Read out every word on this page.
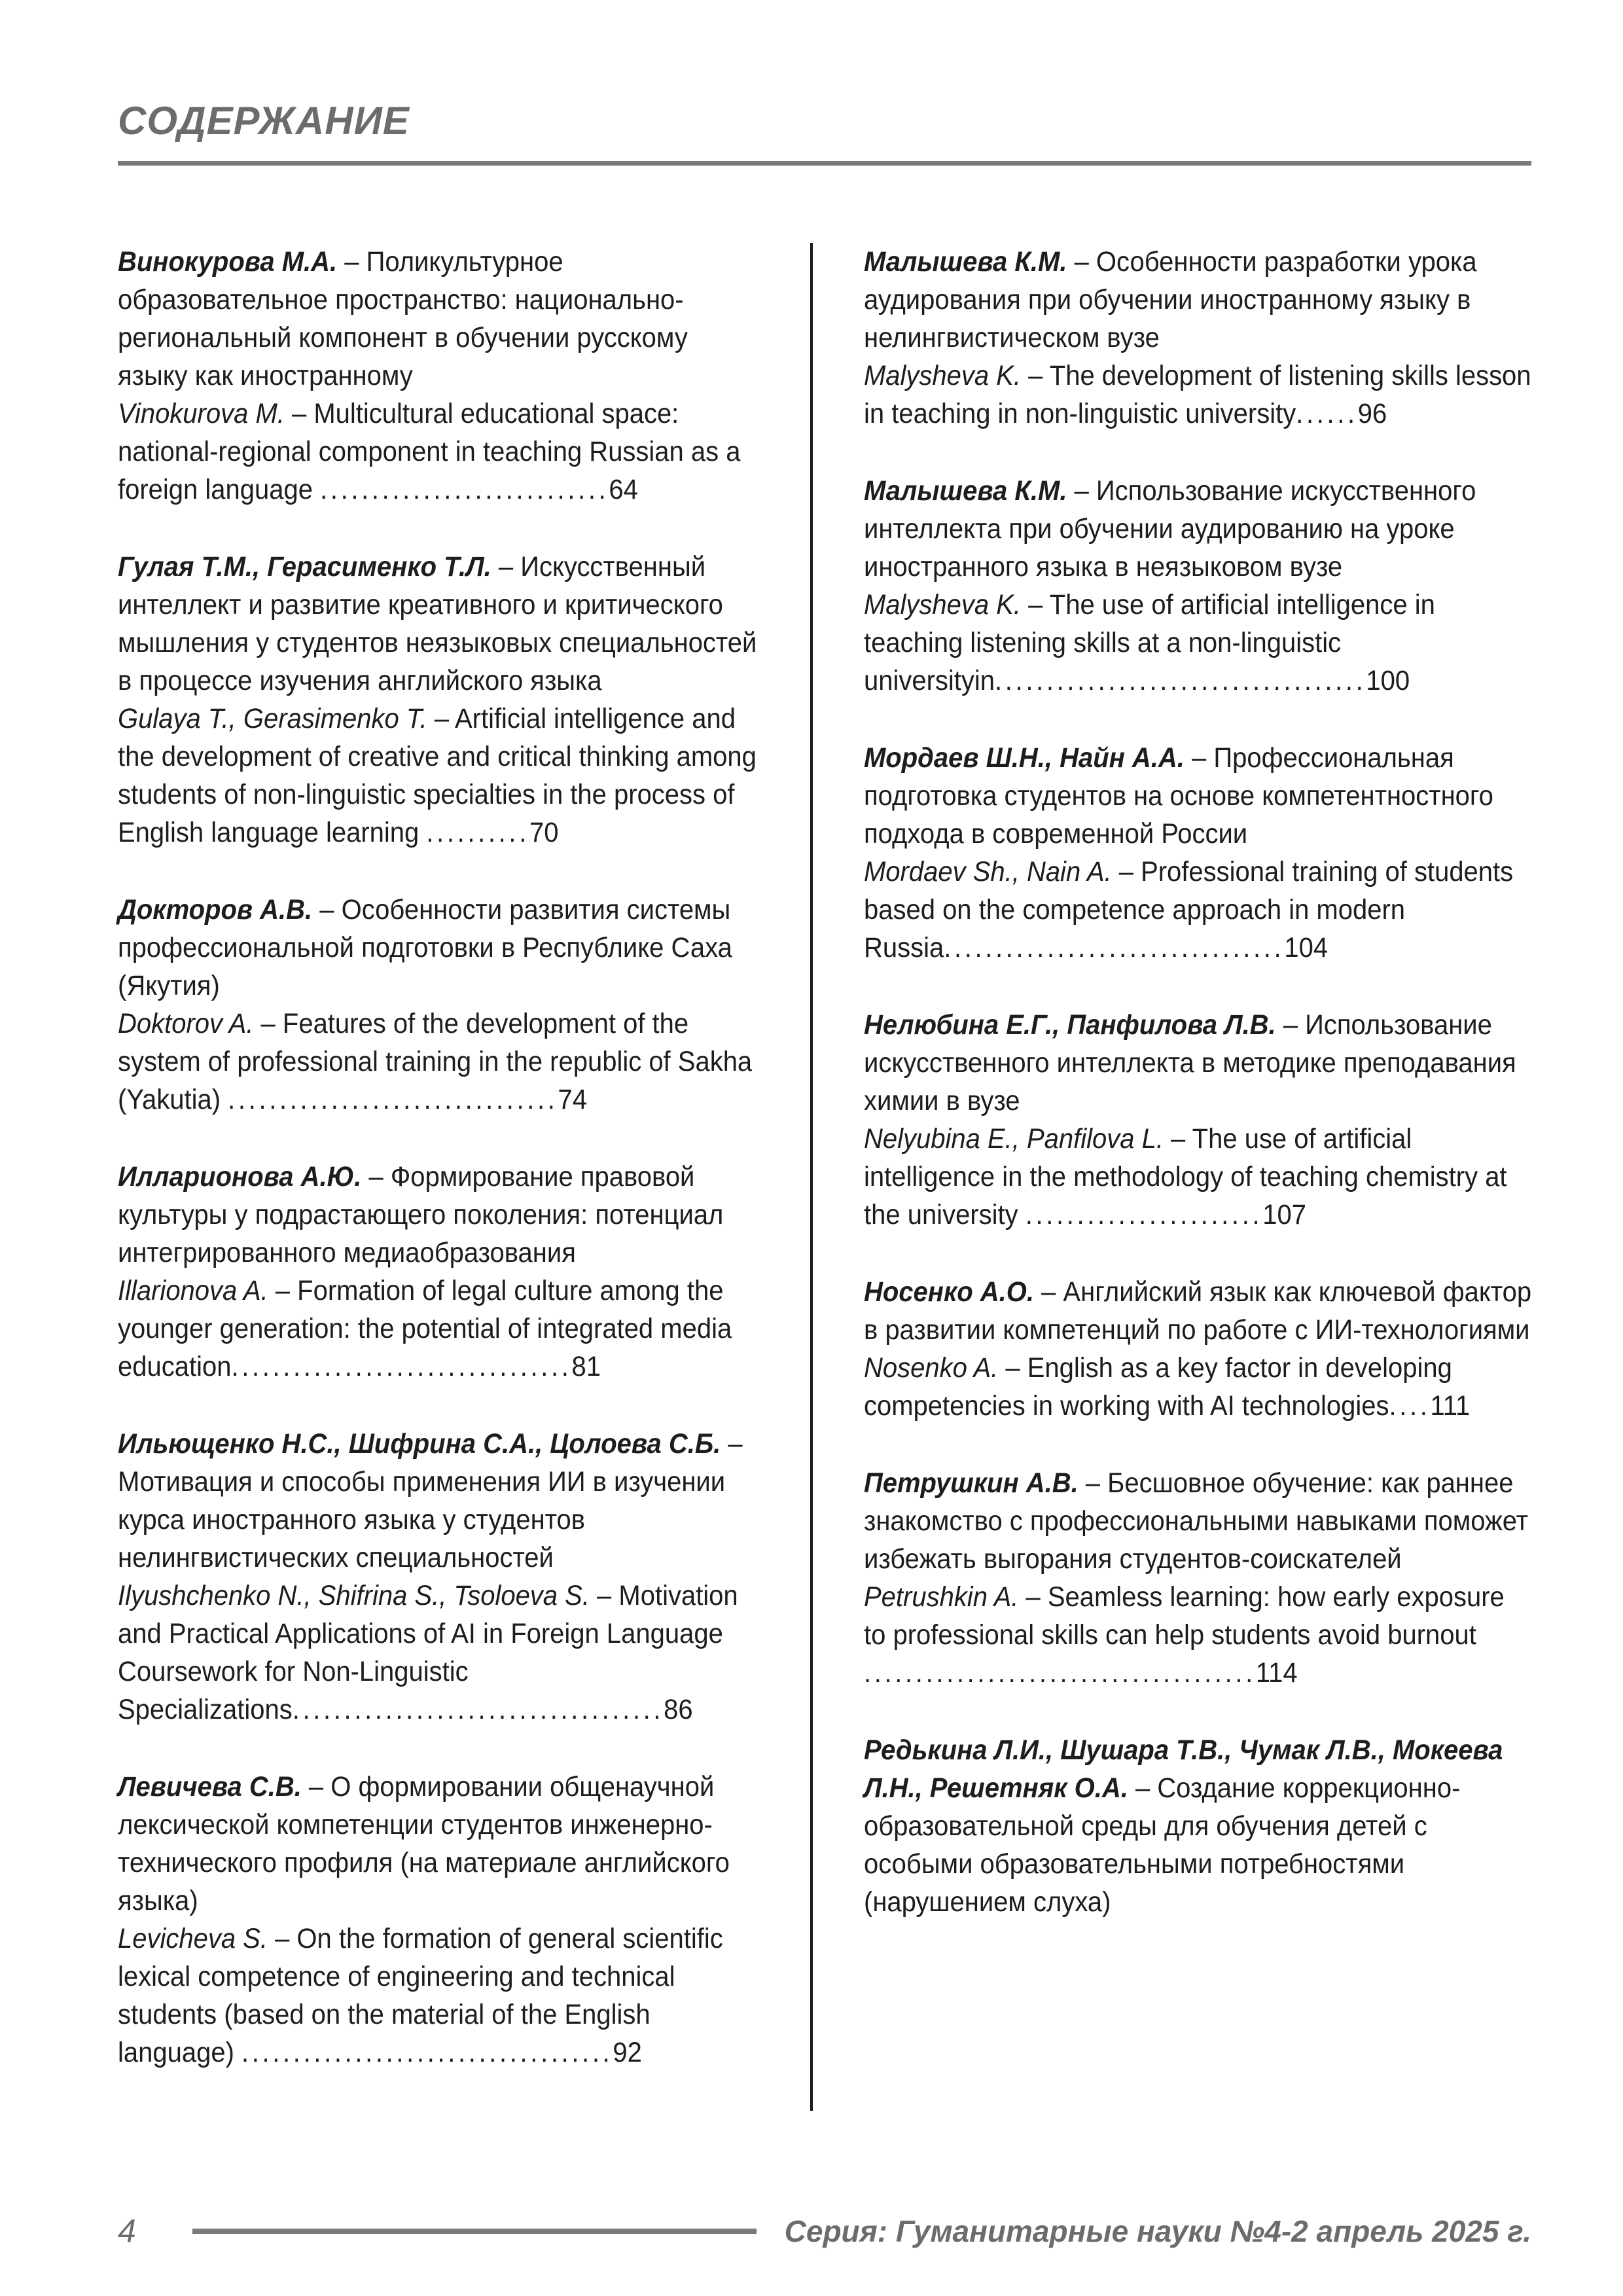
СОДЕРЖАНИЕ

Винокурова М.А. – Поликультурное образовательное пространство: национально-региональный компонент в обучении русскому языку как иностранному

Vinokurova M. – Multicultural educational space: national-regional component in teaching Russian as a foreign language ............................64

Гулая Т.М., Герасименко Т.Л. – Искусственный интеллект и развитие креативного и критического мышления у студентов неязыковых специальностей в процессе изучения английского языка

Gulaya T., Gerasimenko T. – Artificial intelligence and the development of creative and critical thinking among students of non-linguistic specialties in the process of English language learning ..........70

Докторов А.В. – Особенности развития системы профессиональной подготовки в Республике Саха (Якутия)

Doktorov A. – Features of the development of the system of professional training in the republic of Sakha (Yakutia) ................................74

Илларионова А.Ю. – Формирование правовой культуры у подрастающего поколения: потенциал интегрированного медиаобразования

Illarionova A. – Formation of legal culture among the younger generation: the potential of integrated media education.................................81

Ильющенко Н.С., Шифрина С.А., Цолоева С.Б. – Мотивация и способы применения ИИ в изучении курса иностранного языка у студентов нелингвистических специальностей

Ilyushchenko N., Shifrina S., Tsoloeva S. – Motivation and Practical Applications of AI in Foreign Language Coursework for Non-Linguistic Specializations....................................86

Левичева С.В. – О формировании общенаучной лексической компетенции студентов инженерно-технического профиля (на материале английского языка)

Levicheva S. – On the formation of general scientific lexical competence of engineering and technical students (based on the material of the English language) ....................................92

Малышева К.М. – Особенности разработки урока аудирования при обучении иностранному языку в нелингвистическом вузе

Malysheva K. – The development of listening skills lesson in teaching in non-linguistic university......96

Малышева К.М. – Использование искусственного интеллекта при обучении аудированию на уроке иностранного языка в неязыковом вузе

Malysheva K. – The use of artificial intelligence in teaching listening skills at a non-linguistic universityin....................................100

Мордаев Ш.Н., Найн А.А. – Профессиональная подготовка студентов на основе компетентностного подхода в современной России

Mordaev Sh., Nain A. – Professional training of students based on the competence approach in modern Russia.................................104

Нелюбина Е.Г., Панфилова Л.В. – Использование искусственного интеллекта в методике преподавания химии в вузе

Nelyubina E., Panfilova L. – The use of artificial intelligence in the methodology of teaching chemistry at the university .......................107

Носенко А.О. – Английский язык как ключевой фактор в развитии компетенций по работе с ИИ-технологиями

Nosenko A. – English as a key factor in developing competencies in working with AI technologies....111

Петрушкин А.В. – Бесшовное обучение: как раннее знакомство с профессиональными навыками поможет избежать выгорания студентов-соискателей

Petrushkin A. – Seamless learning: how early exposure to professional skills can help students avoid burnout ......................................114

Редькина Л.И., Шушара Т.В., Чумак Л.В., Мокеева Л.Н., Решетняк О.А. – Создание коррекционно-образовательной среды для обучения детей с особыми образовательными потребностями (нарушением слуха)

4	Серия: Гуманитарные науки №4-2 апрель 2025 г.
